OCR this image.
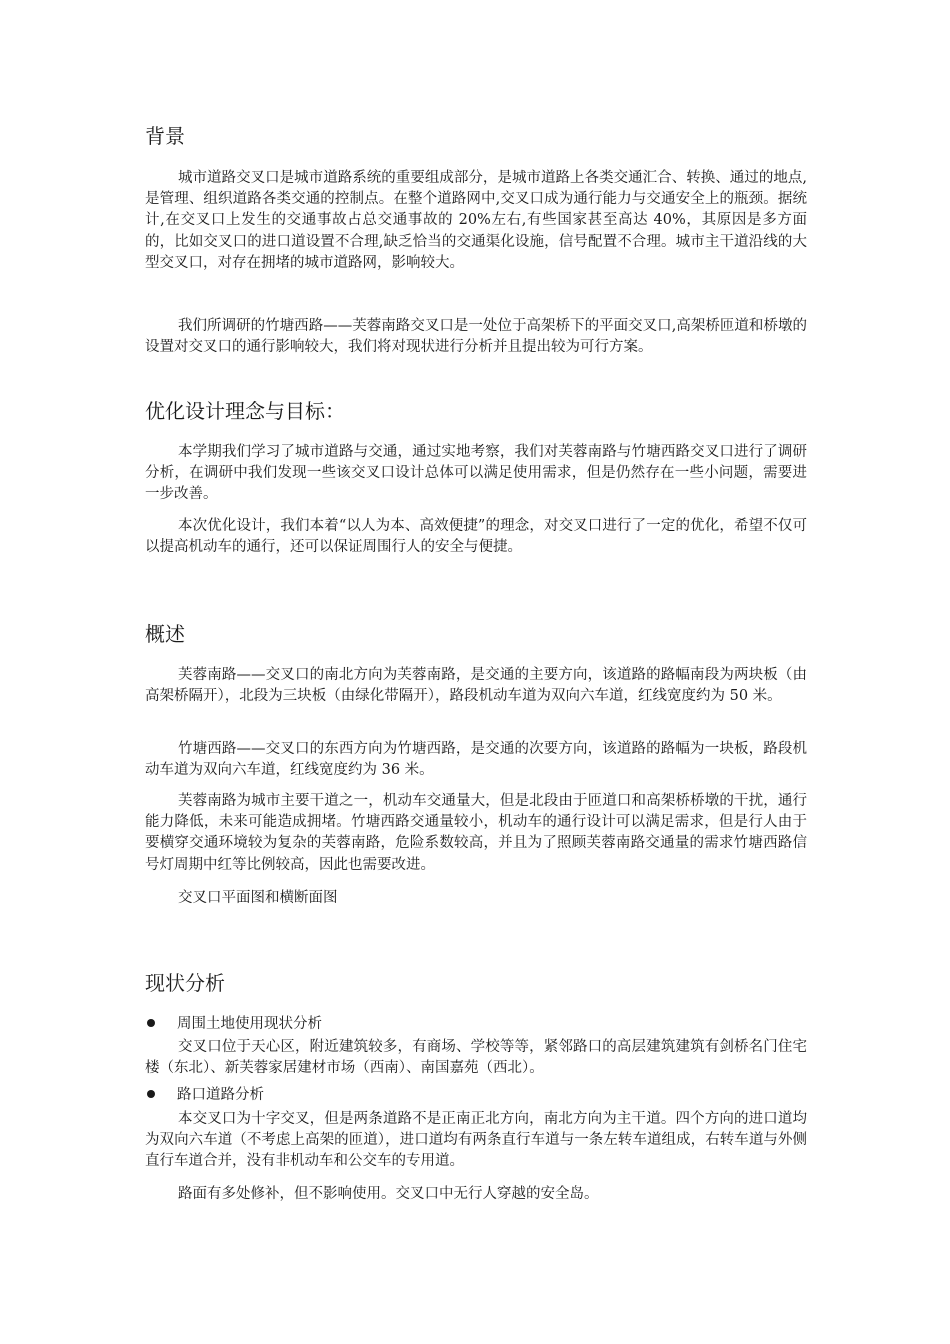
背景

城市道路交叉口是城市道路系统的重要组成部分，是城市道路上各类交通汇合、转换、通过的地点,是管理、组织道路各类交通的控制点。在整个道路网中,交叉口成为通行能力与交通安全上的瓶颈。据统计,在交叉口上发生的交通事故占总交通事故的 20%左右,有些国家甚至高达 40%，其原因是多方面的，比如交叉口的进口道设置不合理,缺乏恰当的交通渠化设施，信号配置不合理。城市主干道沿线的大型交叉口，对存在拥堵的城市道路网，影响较大。

我们所调研的竹塘西路——芙蓉南路交叉口是一处位于高架桥下的平面交叉口,高架桥匝道和桥墩的设置对交叉口的通行影响较大，我们将对现状进行分析并且提出较为可行方案。

优化设计理念与目标：

本学期我们学习了城市道路与交通，通过实地考察，我们对芙蓉南路与竹塘西路交叉口进行了调研分析，在调研中我们发现一些该交叉口设计总体可以满足使用需求，但是仍然存在一些小问题，需要进一步改善。

本次优化设计，我们本着“以人为本、高效便捷”的理念，对交叉口进行了一定的优化，希望不仅可以提高机动车的通行，还可以保证周围行人的安全与便捷。

概述

芙蓉南路——交叉口的南北方向为芙蓉南路，是交通的主要方向，该道路的路幅南段为两块板（由高架桥隔开），北段为三块板（由绿化带隔开），路段机动车道为双向六车道，红线宽度约为 50 米。

竹塘西路——交叉口的东西方向为竹塘西路，是交通的次要方向，该道路的路幅为一块板，路段机动车道为双向六车道，红线宽度约为 36 米。

芙蓉南路为城市主要干道之一，机动车交通量大，但是北段由于匝道口和高架桥桥墩的干扰，通行能力降低，未来可能造成拥堵。竹塘西路交通量较小，机动车的通行设计可以满足需求，但是行人由于要横穿交通环境较为复杂的芙蓉南路，危险系数较高，并且为了照顾芙蓉南路交通量的需求竹塘西路信号灯周期中红等比例较高，因此也需要改进。

交叉口平面图和横断面图

现状分析
周围土地使用现状分析

交叉口位于天心区，附近建筑较多，有商场、学校等等，紧邻路口的高层建筑建筑有剑桥名门住宅楼（东北）、新芙蓉家居建材市场（西南）、南国嘉苑（西北）。

路口道路分析

本交叉口为十字交叉，但是两条道路不是正南正北方向，南北方向为主干道。四个方向的进口道均为双向六车道（不考虑上高架的匝道），进口道均有两条直行车道与一条左转车道组成，右转车道与外侧直行车道合并，没有非机动车和公交车的专用道。

路面有多处修补，但不影响使用。交叉口中无行人穿越的安全岛。
